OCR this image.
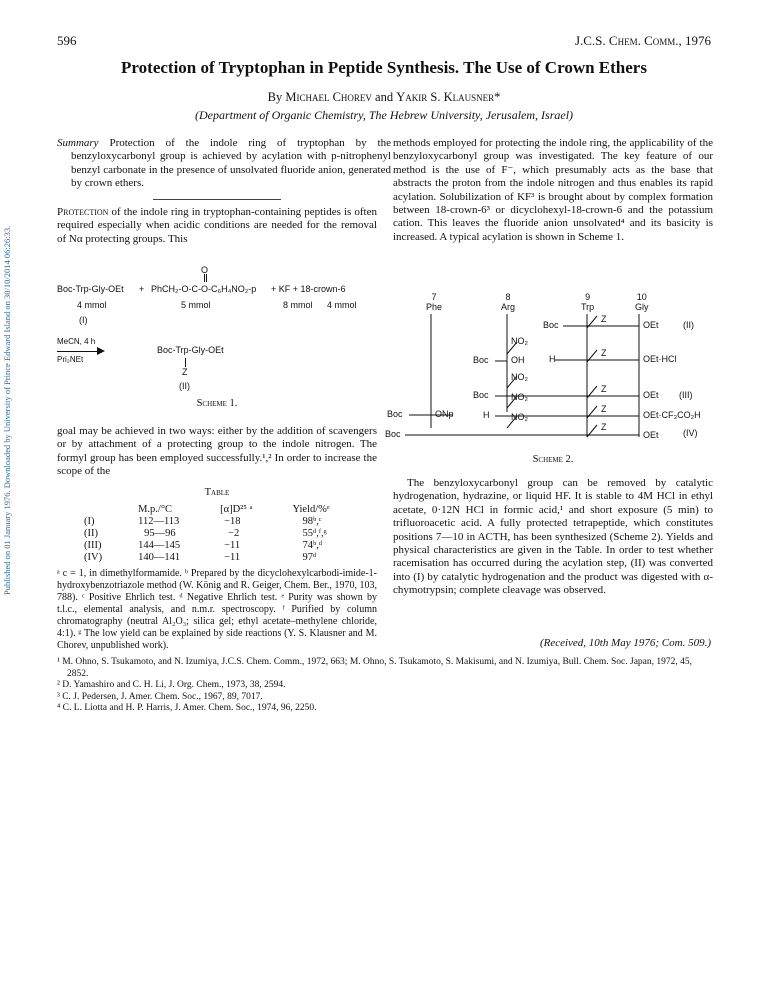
Published on 01 January 1976. Downloaded by University of Prince Edward Island on 30/10/2014 06:26:33.
596	J.C.S. Chem. Comm., 1976
Protection of Tryptophan in Peptide Synthesis. The Use of Crown Ethers
By Michael Chorev and Yakir S. Klausner*
(Department of Organic Chemistry, The Hebrew University, Jerusalem, Israel)
Summary Protection of the indole ring of tryptophan by the benzyloxycarbonyl group is achieved by acylation with p-nitrophenyl benzyl carbonate in the presence of unsolvated fluoride anion, generated by crown ethers.
Protection of the indole ring in tryptophan-containing peptides is often required especially when acidic conditions are needed for the removal of Nα protecting groups. This
O
Boc-Trp-Gly-OEt + PhCH₂-O-C-O-C₆H₄NO₂-p + KF + 18-crown-6
4 mmol	5 mmol	8 mmol 4 mmol
(I)
MeCN, 4 h
Pri₂NEt
Boc-Trp-Gly-OEt
Z
(II)
Scheme 1.
goal may be achieved in two ways: either by the addition of scavengers or by attachment of a protecting group to the indole nitrogen. The formyl group has been employed successfully.¹,² In order to increase the scope of the
Table
	M.p./°C	[α]D²⁵ ᵃ	Yield/%ᵉ
(I)	112—113	−18	98ᵇ,ᶜ
(II)	95—96	−2	55ᵈ,ᶠ,ᵍ
(III)	144—145	−11	74ᵇ,ᵈ
(IV)	140—141	−11	97ᵈ
ᵃ c = 1, in dimethylformamide. ᵇ Prepared by the dicyclohexylcarbodi-imide-1-hydroxybenzotriazole method (W. König and R. Geiger, Chem. Ber., 1970, 103, 788). ᶜ Positive Ehrlich test. ᵈ Negative Ehrlich test. ᵉ Purity was shown by t.l.c., elemental analysis, and n.m.r. spectroscopy. ᶠ Purified by column chromatography (neutral Al₂O₃; silica gel; ethyl acetate–methylene chloride, 4:1). ᵍ The low yield can be explained by side reactions (Y. S. Klausner and M. Chorev, unpublished work).
methods employed for protecting the indole ring, the applicability of the benzyloxycarbonyl group was investigated. The key feature of our method is the use of F⁻, which presumably acts as the base that abstracts the proton from the indole nitrogen and thus enables its rapid acylation. Solubilization of KF³ is brought about by complex formation between 18-crown-6³ or dicyclohexyl-18-crown-6 and the potassium cation. This leaves the fluoride anion unsolvated⁴ and its basicity is increased. A typical acylation is shown in Scheme 1.
7
Phe
8
Arg
9
Trp
10
Gly
Boc
Z
OEt	(II)
NO₂
H
Z
OEt·HCl
Boc OH
NO₂
Boc
Z
OEt (III)
NO₂
Boc	ONp	H
Z
OEt·CF₃CO₂H
NO₂
Boc
Z
OEt	(IV)
Scheme 2.
The benzyloxycarbonyl group can be removed by catalytic hydrogenation, hydrazine, or liquid HF. It is stable to 4M HCl in ethyl acetate, 0·12N HCl in formic acid,¹ and short exposure (5 min) to trifluoroacetic acid. A fully protected tetrapeptide, which constitutes positions 7—10 in ACTH, has been synthesized (Scheme 2). Yields and physical characteristics are given in the Table. In order to test whether racemisation has occurred during the acylation step, (II) was converted into (I) by catalytic hydrogenation and the product was digested with α-chymotrypsin; complete cleavage was observed.
(Received, 10th May 1976; Com. 509.)
¹ M. Ohno, S. Tsukamoto, and N. Izumiya, J.C.S. Chem. Comm., 1972, 663; M. Ohno, S. Tsukamoto, S. Makisumi, and N. Izumiya, Bull. Chem. Soc. Japan, 1972, 45, 2852.
² D. Yamashiro and C. H. Li, J. Org. Chem., 1973, 38, 2594.
³ C. J. Pedersen, J. Amer. Chem. Soc., 1967, 89, 7017.
⁴ C. L. Liotta and H. P. Harris, J. Amer. Chem. Soc., 1974, 96, 2250.
